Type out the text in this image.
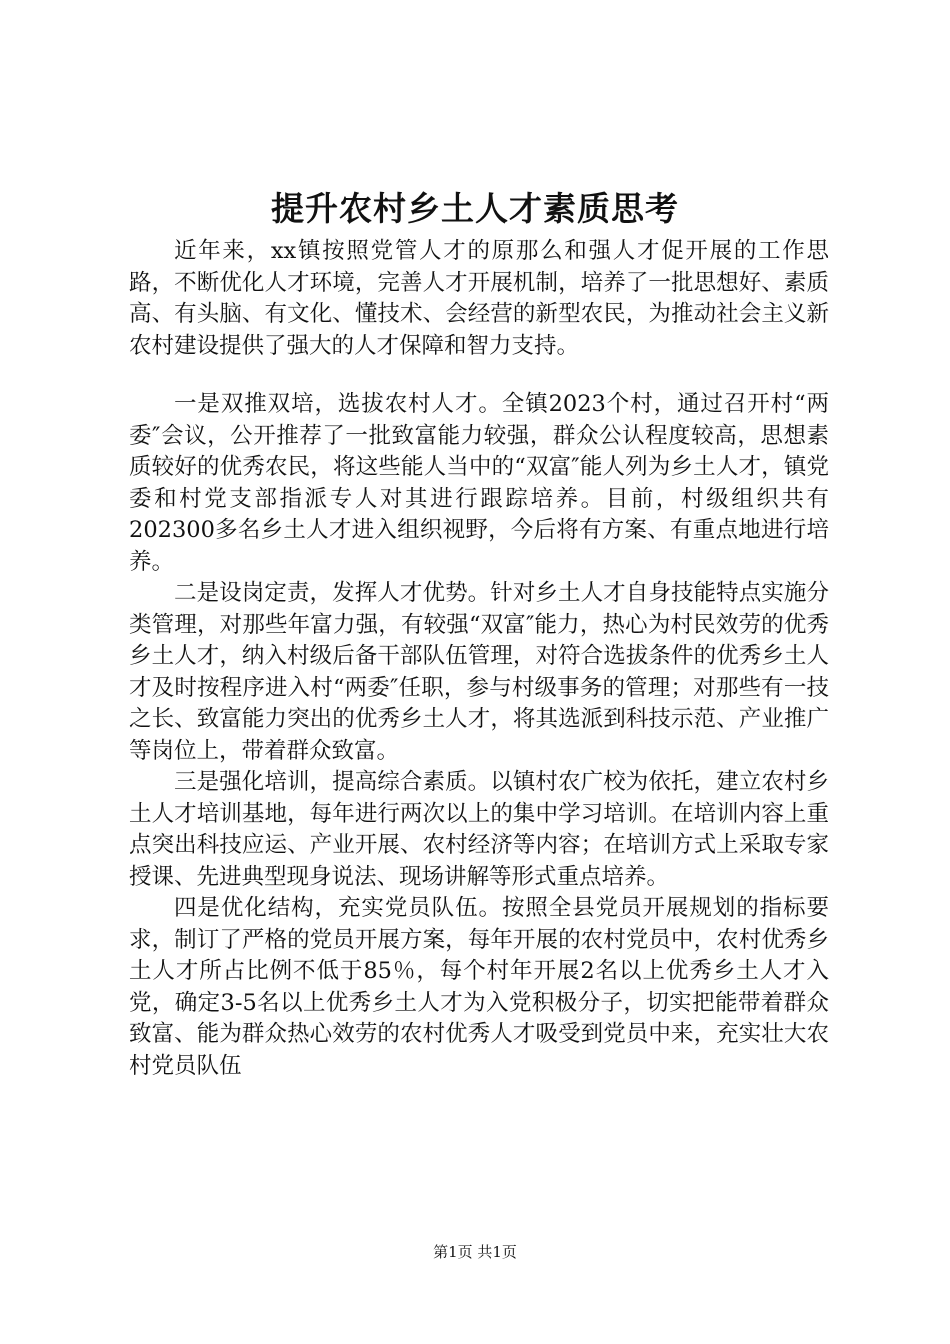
提升农村乡土人才素质思考

近年来，xx镇按照党管人才的原那么和强人才促开展的工作思路，不断优化人才环境，完善人才开展机制，培养了一批思想好、素质高、有头脑、有文化、懂技术、会经营的新型农民，为推动社会主义新农村建设提供了强大的人才保障和智力支持。

一是双推双培，选拔农村人才。全镇2023个村，通过召开村“两委″会议，公开推荐了一批致富能力较强，群众公认程度较高，思想素质较好的优秀农民，将这些能人当中的“双富″能人列为乡土人才，镇党委和村党支部指派专人对其进行跟踪培养。目前，村级组织共有202300多名乡土人才进入组织视野，今后将有方案、有重点地进行培养。

二是设岗定责，发挥人才优势。针对乡土人才自身技能特点实施分类管理，对那些年富力强，有较强“双富″能力，热心为村民效劳的优秀乡土人才，纳入村级后备干部队伍管理，对符合选拔条件的优秀乡土人才及时按程序进入村“两委″任职，参与村级事务的管理；对那些有一技之长、致富能力突出的优秀乡土人才，将其选派到科技示范、产业推广等岗位上，带着群众致富。

三是强化培训，提高综合素质。以镇村农广校为依托，建立农村乡土人才培训基地，每年进行两次以上的集中学习培训。在培训内容上重点突出科技应运、产业开展、农村经济等内容；在培训方式上采取专家授课、先进典型现身说法、现场讲解等形式重点培养。

四是优化结构，充实党员队伍。按照全县党员开展规划的指标要求，制订了严格的党员开展方案，每年开展的农村党员中，农村优秀乡土人才所占比例不低于85％，每个村年开展2名以上优秀乡土人才入党，确定3-5名以上优秀乡土人才为入党积极分子，切实把能带着群众致富、能为群众热心效劳的农村优秀人才吸受到党员中来，充实壮大农村党员队伍

第1页 共1页
